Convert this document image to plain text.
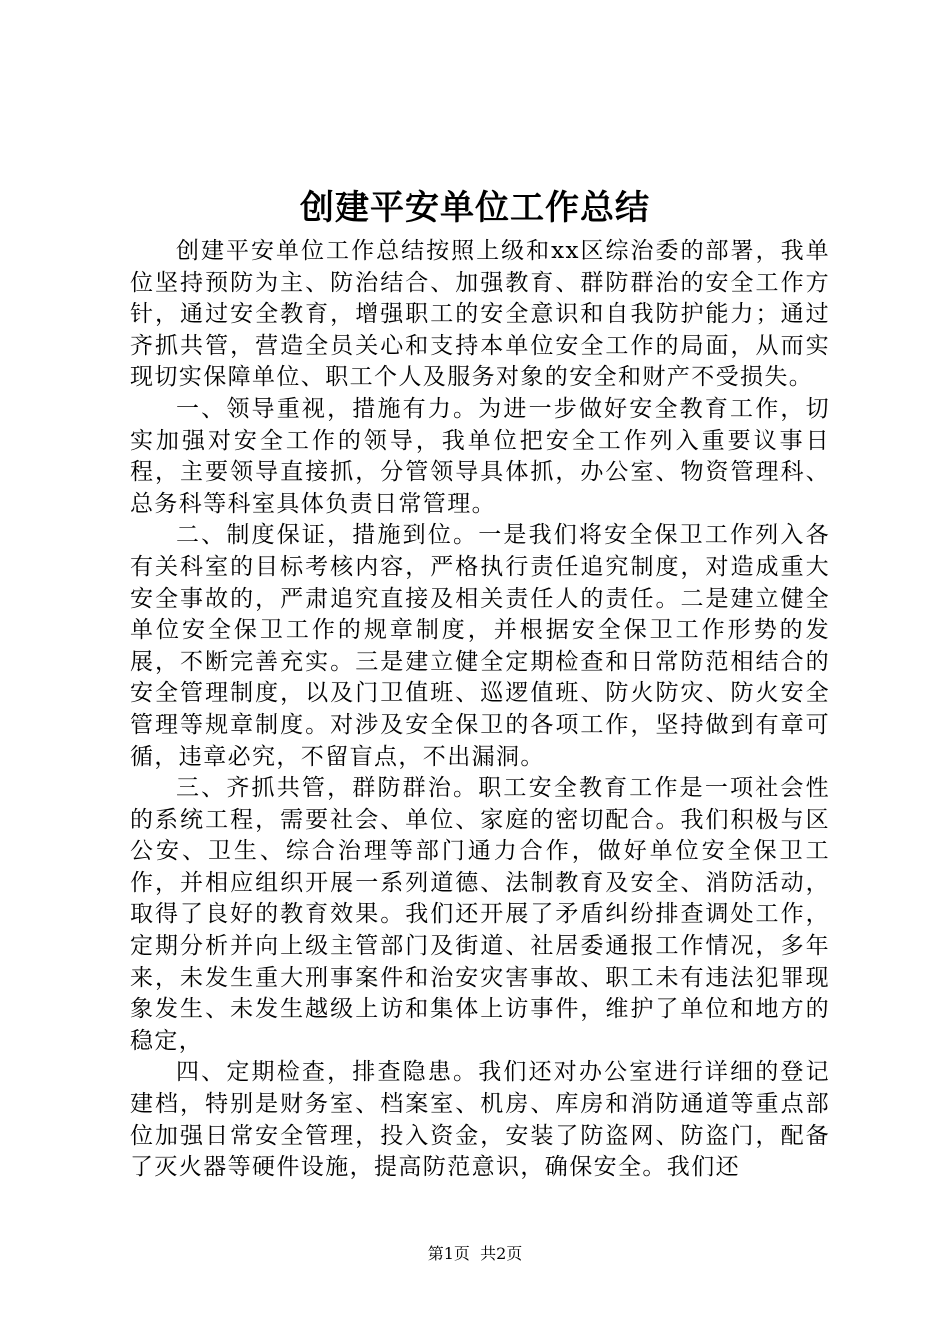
创建平安单位工作总结

创建平安单位工作总结按照上级和xx区综治委的部署，我单位坚持预防为主、防治结合、加强教育、群防群治的安全工作方针，通过安全教育，增强职工的安全意识和自我防护能力；通过齐抓共管，营造全员关心和支持本单位安全工作的局面，从而实现切实保障单位、职工个人及服务对象的安全和财产不受损失。

一、领导重视，措施有力。为进一步做好安全教育工作，切实加强对安全工作的领导，我单位把安全工作列入重要议事日程，主要领导直接抓，分管领导具体抓，办公室、物资管理科、总务科等科室具体负责日常管理。

二、制度保证，措施到位。一是我们将安全保卫工作列入各有关科室的目标考核内容，严格执行责任追究制度，对造成重大安全事故的，严肃追究直接及相关责任人的责任。二是建立健全单位安全保卫工作的规章制度，并根据安全保卫工作形势的发展，不断完善充实。三是建立健全定期检查和日常防范相结合的安全管理制度，以及门卫值班、巡逻值班、防火防灾、防火安全管理等规章制度。对涉及安全保卫的各项工作，坚持做到有章可循，违章必究，不留盲点，不出漏洞。

三、齐抓共管，群防群治。职工安全教育工作是一项社会性的系统工程，需要社会、单位、家庭的密切配合。我们积极与区公安、卫生、综合治理等部门通力合作，做好单位安全保卫工作，并相应组织开展一系列道德、法制教育及安全、消防活动，取得了良好的教育效果。我们还开展了矛盾纠纷排查调处工作，定期分析并向上级主管部门及街道、社居委通报工作情况，多年来，未发生重大刑事案件和治安灾害事故、职工未有违法犯罪现象发生、未发生越级上访和集体上访事件，维护了单位和地方的稳定，

四、定期检查，排查隐患。我们还对办公室进行详细的登记建档，特别是财务室、档案室、机房、库房和消防通道等重点部位加强日常安全管理，投入资金，安装了防盗网、防盗门，配备了灭火器等硬件设施，提高防范意识，确保安全。我们还

第1页  共2页
